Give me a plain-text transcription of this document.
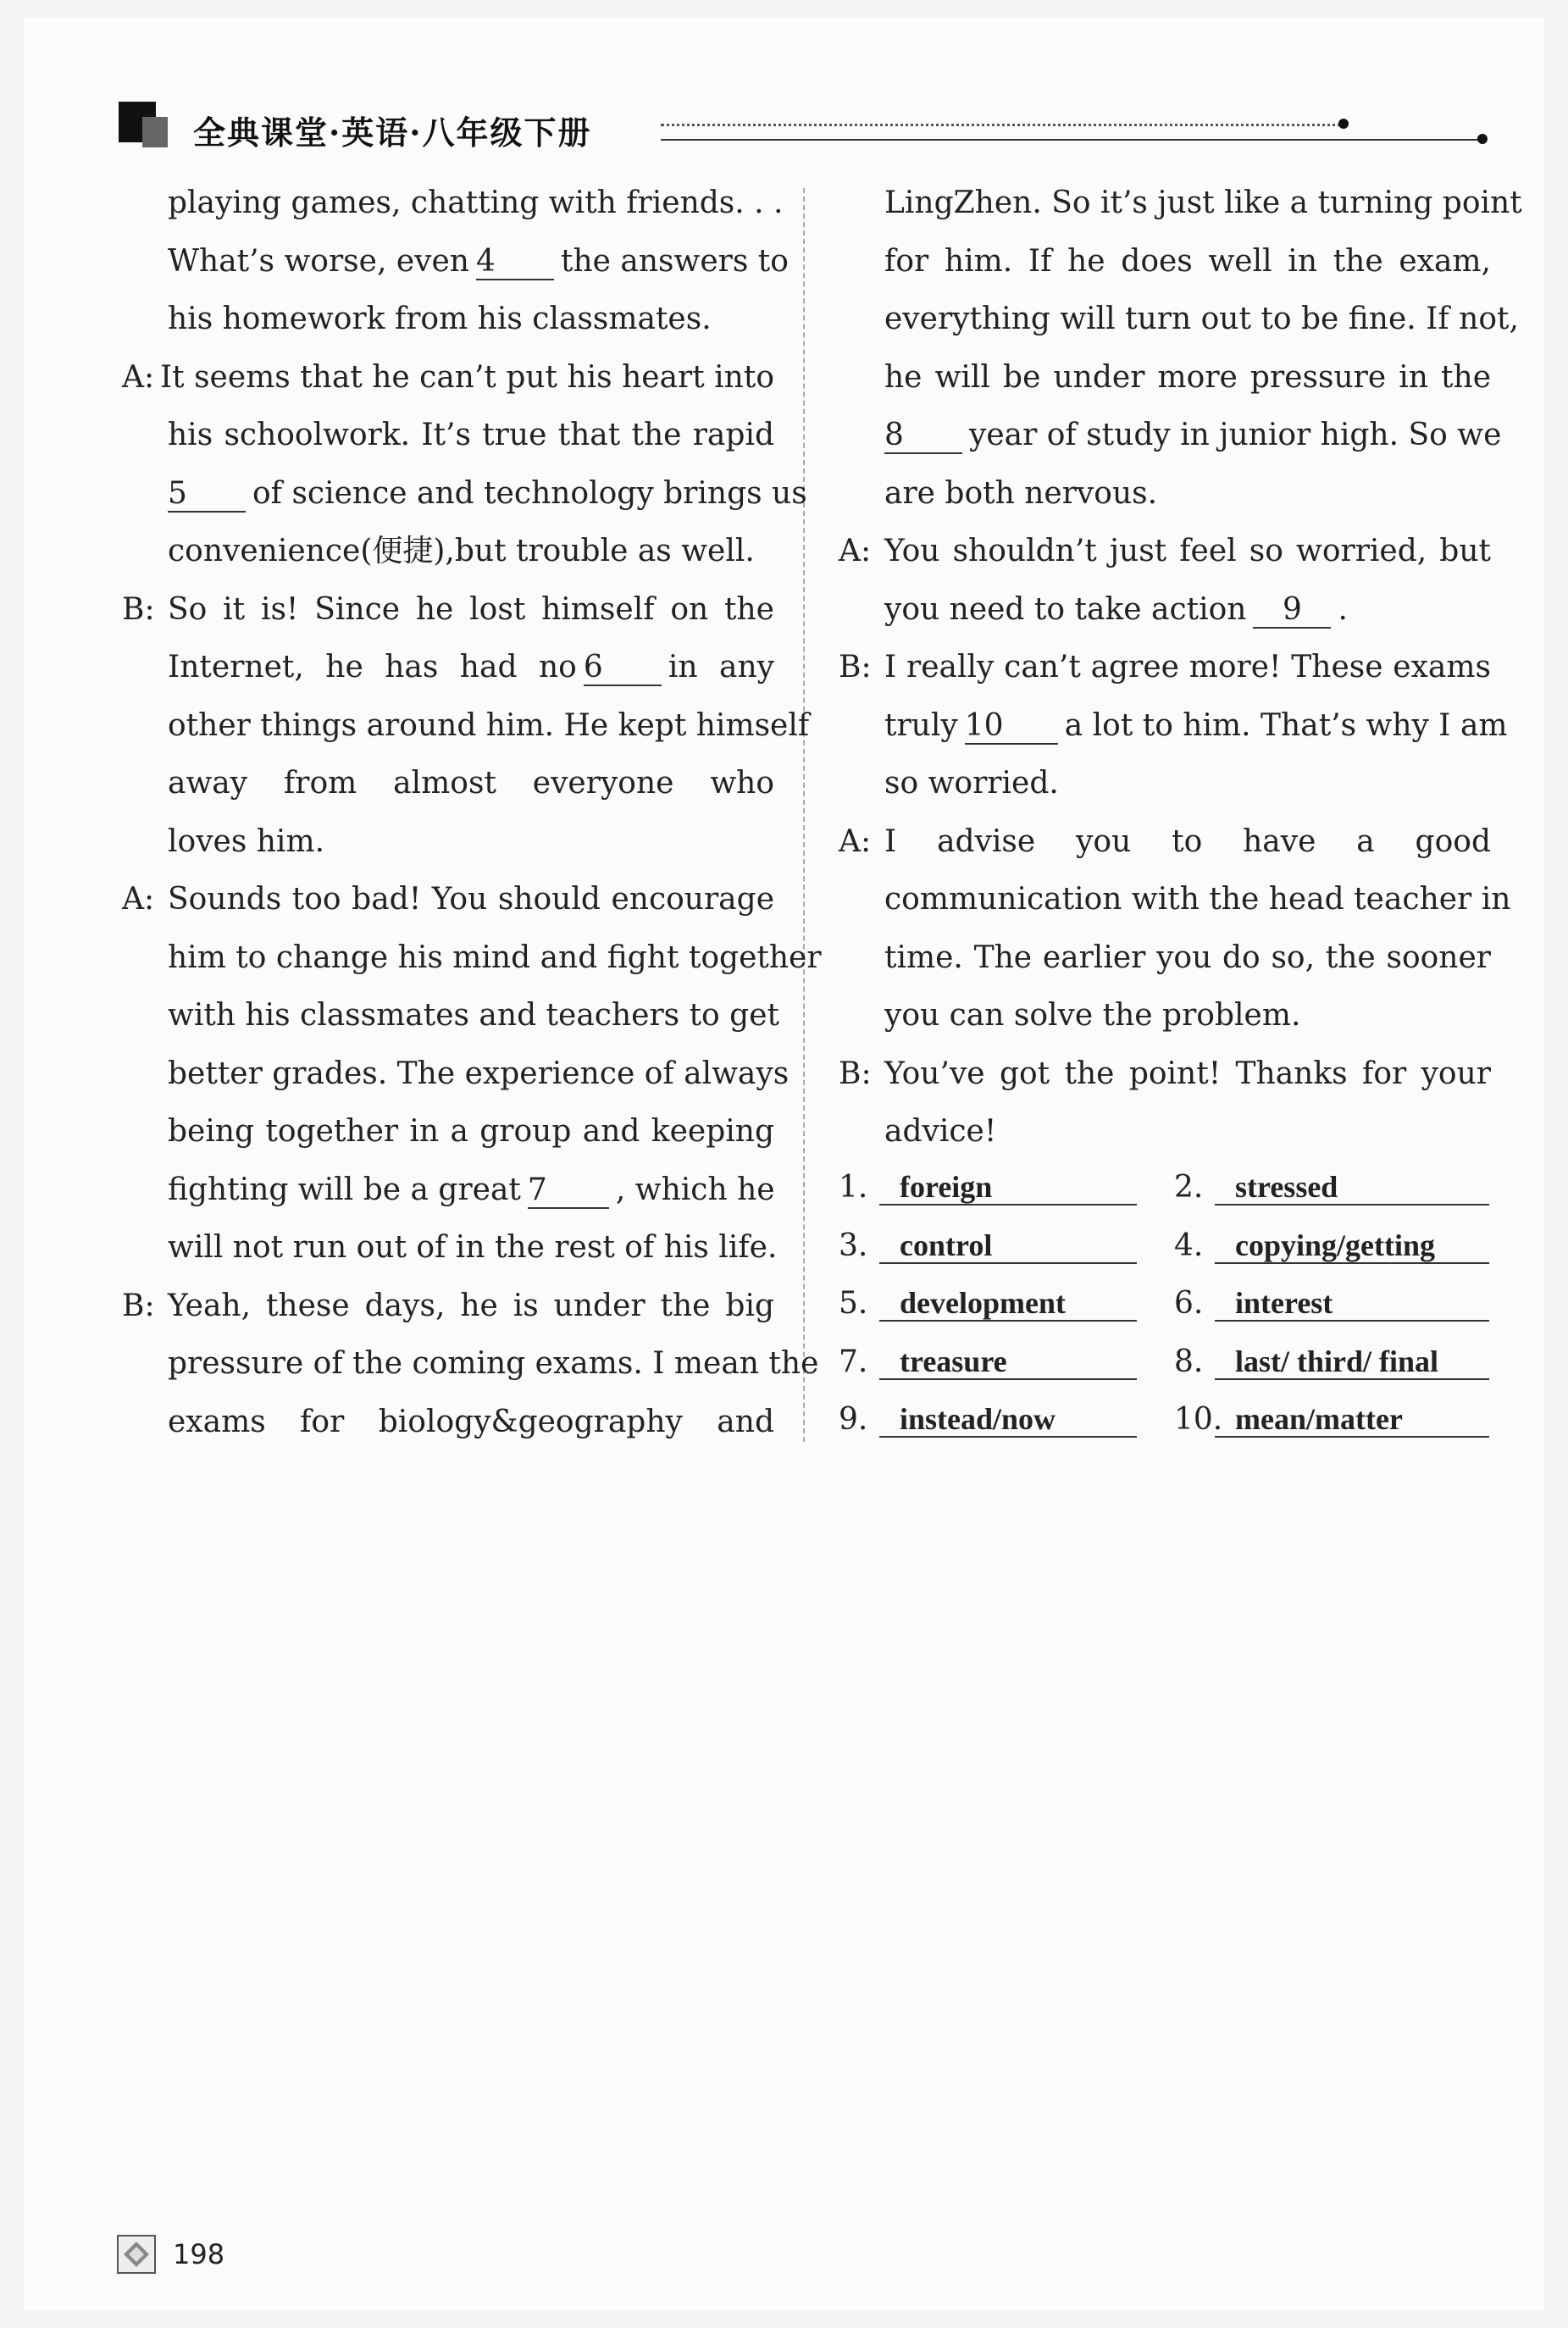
全典课堂·英语·八年级下册
playing games, chatting with friends. . .
What’s worse, even 4 the answers to
his homework from his classmates.
A: It seems that he can’t put his heart into
his schoolwork. It’s true that the rapid
5 of science and technology brings us
convenience(便捷),but trouble as well.
B: So it is! Since he lost himself on the
Internet, he has had no 6 in any
other things around him. He kept himself
away from almost everyone who
loves him.
A: Sounds too bad! You should encourage
him to change his mind and fight together
with his classmates and teachers to get
better grades. The experience of always
being together in a group and keeping
fighting will be a great 7 , which he
will not run out of in the rest of his life.
B: Yeah, these days, he is under the big
pressure of the coming exams. I mean the
exams for biology&geography and
LingZhen. So it’s just like a turning point
for him. If he does well in the exam,
everything will turn out to be fine. If not,
he will be under more pressure in the
8 year of study in junior high. So we
are both nervous.
A: You shouldn’t just feel so worried, but
you need to take action 9 .
B: I really can’t agree more! These exams
truly 10 a lot to him. That’s why I am
so worried.
A: I advise you to have a good
communication with the head teacher in
time. The earlier you do so, the sooner
you can solve the problem.
B: You’ve got the point! Thanks for your
advice!
1.	foreign	2.	stressed
3.	control	4.	copying/getting
5.	development	6.	interest
7.	treasure	8.	last/ third/ final
9.	instead/now	10. mean/matter
198
